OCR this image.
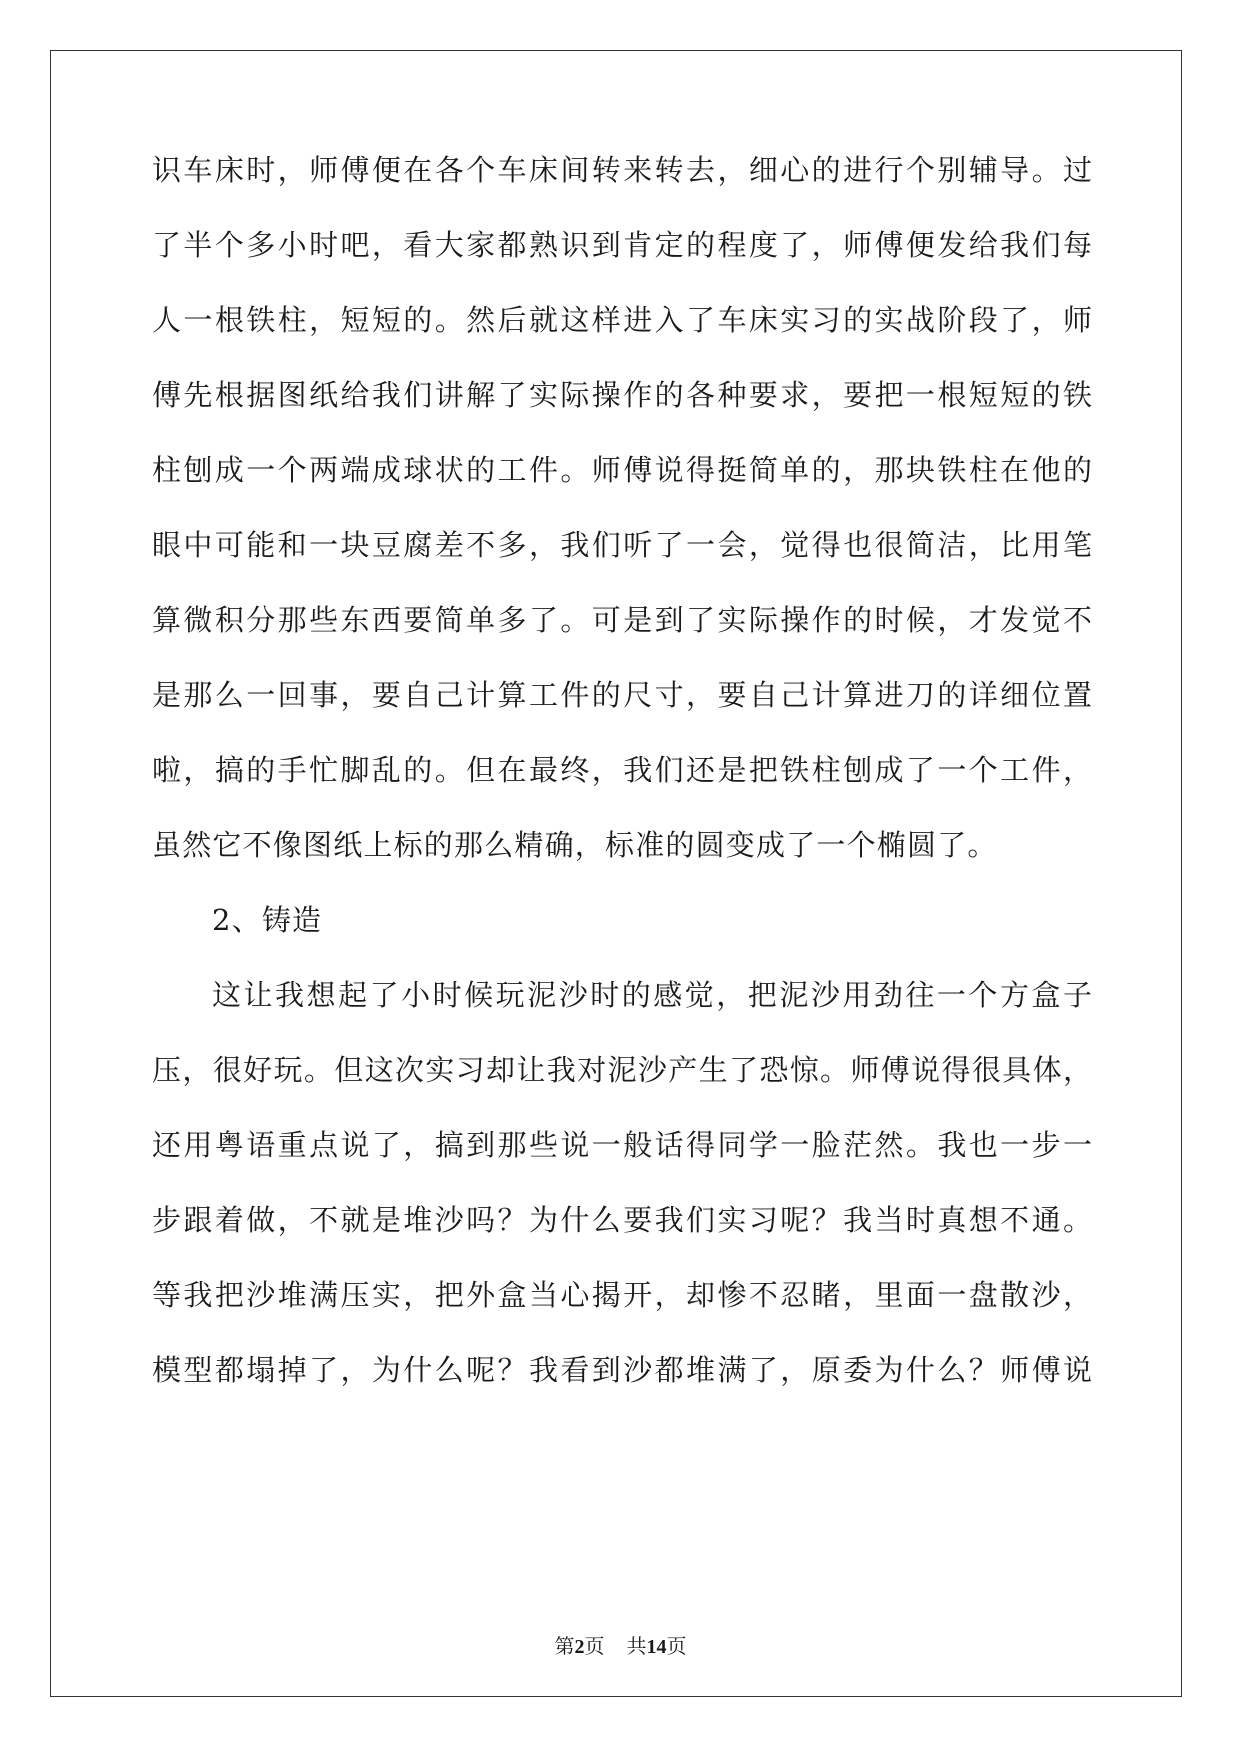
识车床时，师傅便在各个车床间转来转去，细心的进行个别辅导。过
了半个多小时吧，看大家都熟识到肯定的程度了，师傅便发给我们每
人一根铁柱，短短的。然后就这样进入了车床实习的实战阶段了，师
傅先根据图纸给我们讲解了实际操作的各种要求，要把一根短短的铁
柱刨成一个两端成球状的工件。师傅说得挺简单的，那块铁柱在他的
眼中可能和一块豆腐差不多，我们听了一会，觉得也很简洁，比用笔
算微积分那些东西要简单多了。可是到了实际操作的时候，才发觉不
是那么一回事，要自己计算工件的尺寸，要自己计算进刀的详细位置
啦，搞的手忙脚乱的。但在最终，我们还是把铁柱刨成了一个工件，
虽然它不像图纸上标的那么精确，标准的圆变成了一个椭圆了。
2、铸造
这让我想起了小时候玩泥沙时的感觉，把泥沙用劲往一个方盒子
压，很好玩。但这次实习却让我对泥沙产生了恐惊。师傅说得很具体，
还用粤语重点说了，搞到那些说一般话得同学一脸茫然。我也一步一
步跟着做，不就是堆沙吗？为什么要我们实习呢？我当时真想不通。
等我把沙堆满压实，把外盒当心揭开，却惨不忍睹，里面一盘散沙，
模型都塌掉了，为什么呢？我看到沙都堆满了，原委为什么？师傅说
第2页 共14页
